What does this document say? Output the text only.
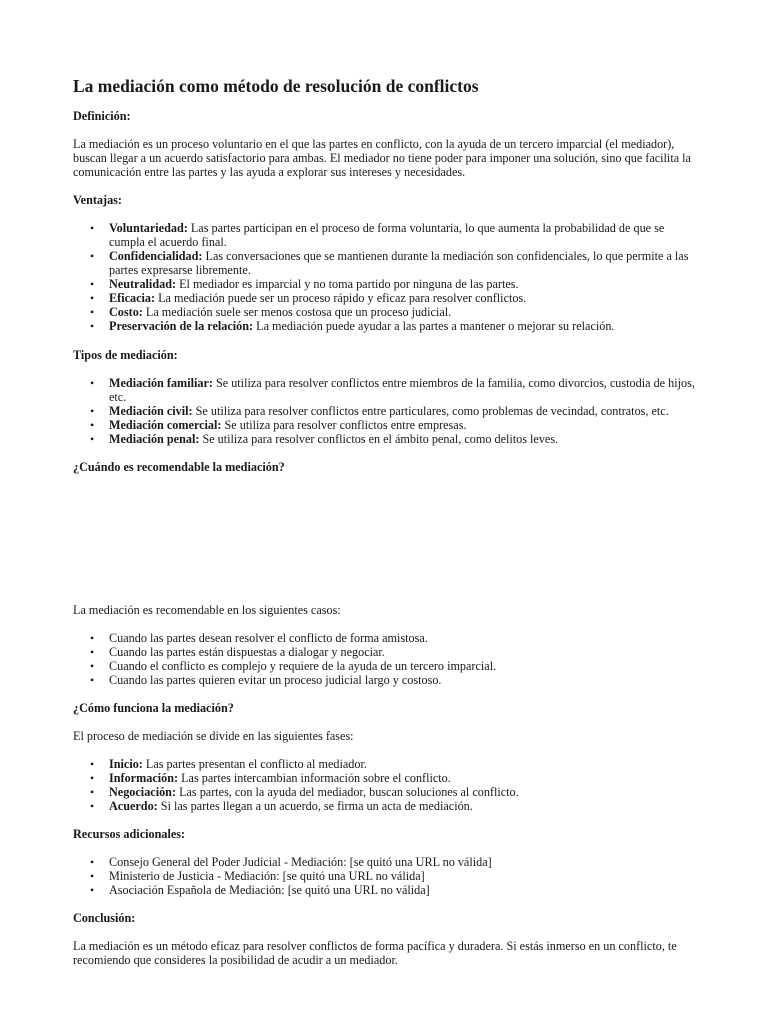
La mediación como método de resolución de conflictos

Definición:

La mediación es un proceso voluntario en el que las partes en conflicto, con la ayuda de un tercero imparcial (el mediador), buscan llegar a un acuerdo satisfactorio para ambas. El mediador no tiene poder para imponer una solución, sino que facilita la comunicación entre las partes y las ayuda a explorar sus intereses y necesidades.

Ventajas:

• Voluntariedad: Las partes participan en el proceso de forma voluntaria, lo que aumenta la probabilidad de que se cumpla el acuerdo final.
• Confidencialidad: Las conversaciones que se mantienen durante la mediación son confidenciales, lo que permite a las partes expresarse libremente.
• Neutralidad: El mediador es imparcial y no toma partido por ninguna de las partes.
• Eficacia: La mediación puede ser un proceso rápido y eficaz para resolver conflictos.
• Costo: La mediación suele ser menos costosa que un proceso judicial.
• Preservación de la relación: La mediación puede ayudar a las partes a mantener o mejorar su relación.

Tipos de mediación:

• Mediación familiar: Se utiliza para resolver conflictos entre miembros de la familia, como divorcios, custodia de hijos, etc.
• Mediación civil: Se utiliza para resolver conflictos entre particulares, como problemas de vecindad, contratos, etc.
• Mediación comercial: Se utiliza para resolver conflictos entre empresas.
• Mediación penal: Se utiliza para resolver conflictos en el ámbito penal, como delitos leves.

¿Cuándo es recomendable la mediación?

La mediación es recomendable en los siguientes casos:

• Cuando las partes desean resolver el conflicto de forma amistosa.
• Cuando las partes están dispuestas a dialogar y negociar.
• Cuando el conflicto es complejo y requiere de la ayuda de un tercero imparcial.
• Cuando las partes quieren evitar un proceso judicial largo y costoso.

¿Cómo funciona la mediación?

El proceso de mediación se divide en las siguientes fases:

• Inicio: Las partes presentan el conflicto al mediador.
• Información: Las partes intercambian información sobre el conflicto.
• Negociación: Las partes, con la ayuda del mediador, buscan soluciones al conflicto.
• Acuerdo: Si las partes llegan a un acuerdo, se firma un acta de mediación.

Recursos adicionales:

• Consejo General del Poder Judicial - Mediación: [se quitó una URL no válida]
• Ministerio de Justicia - Mediación: [se quitó una URL no válida]
• Asociación Española de Mediación: [se quitó una URL no válida]

Conclusión:

La mediación es un método eficaz para resolver conflictos de forma pacífica y duradera. Si estás inmerso en un conflicto, te recomiendo que consideres la posibilidad de acudir a un mediador.
